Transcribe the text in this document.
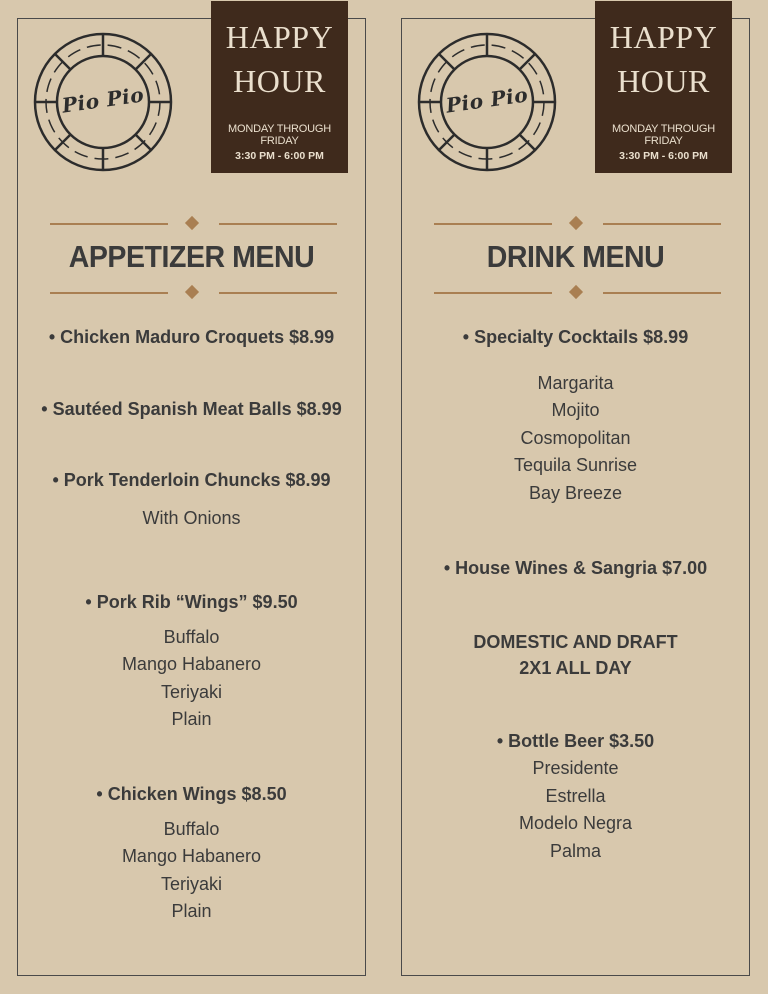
Pio Pio
HAPPY
HOUR
MONDAY THROUGH FRIDAY
3:30 PM - 6:00 PM
APPETIZER MENU
• Chicken Maduro Croquets $8.99
• Sautéed Spanish Meat Balls $8.99
• Pork Tenderloin Chuncks $8.99
With Onions
• Pork Rib “Wings” $9.50
Buffalo
Mango Habanero
Teriyaki
Plain
• Chicken Wings $8.50
Buffalo
Mango Habanero
Teriyaki
Plain
Pio Pio
HAPPY
HOUR
MONDAY THROUGH FRIDAY
3:30 PM - 6:00 PM
DRINK MENU
• Specialty Cocktails $8.99
Margarita
Mojito
Cosmopolitan
Tequila Sunrise
Bay Breeze
• House Wines & Sangria $7.00
DOMESTIC AND DRAFT
2X1 ALL DAY
• Bottle Beer $3.50
Presidente
Estrella
Modelo Negra
Palma
